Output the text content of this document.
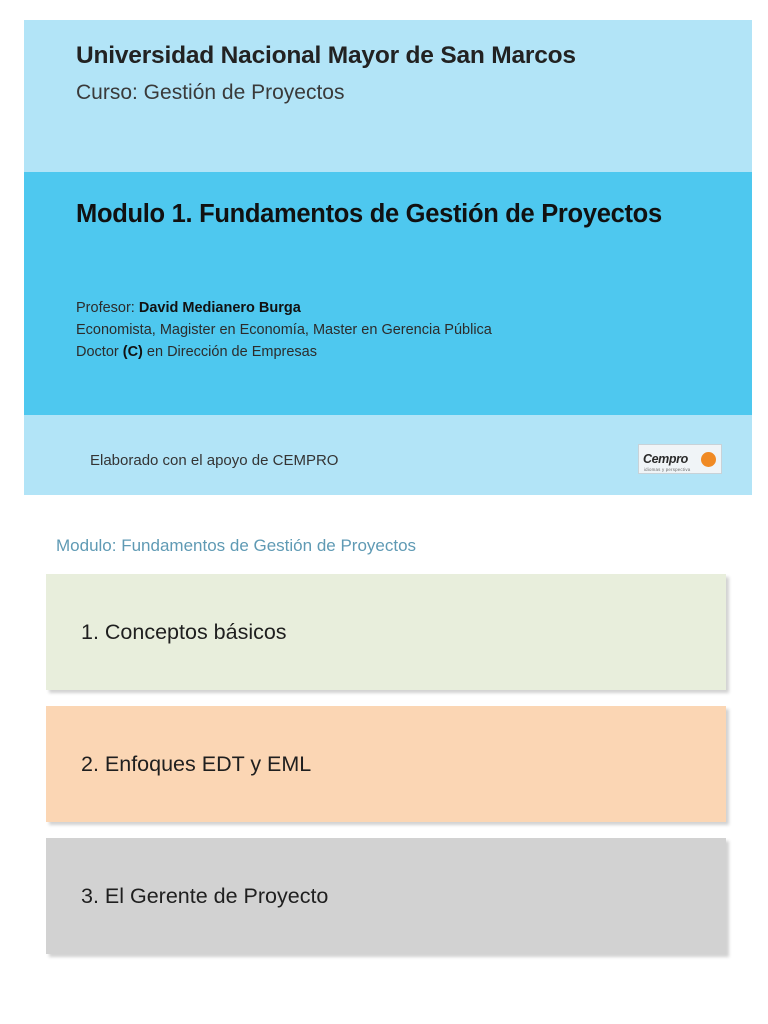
Universidad Nacional Mayor de San Marcos
Curso: Gestión de Proyectos
Modulo 1. Fundamentos de Gestión de Proyectos
Profesor: David Medianero Burga
Economista, Magister en Economía, Master en Gerencia Pública
Doctor (C) en Dirección de Empresas
Elaborado con el apoyo de CEMPRO	Cempro
idiomas y perspectiva
Modulo: Fundamentos de Gestión de Proyectos
1. Conceptos básicos
2. Enfoques EDT y EML
3. El Gerente de Proyecto
